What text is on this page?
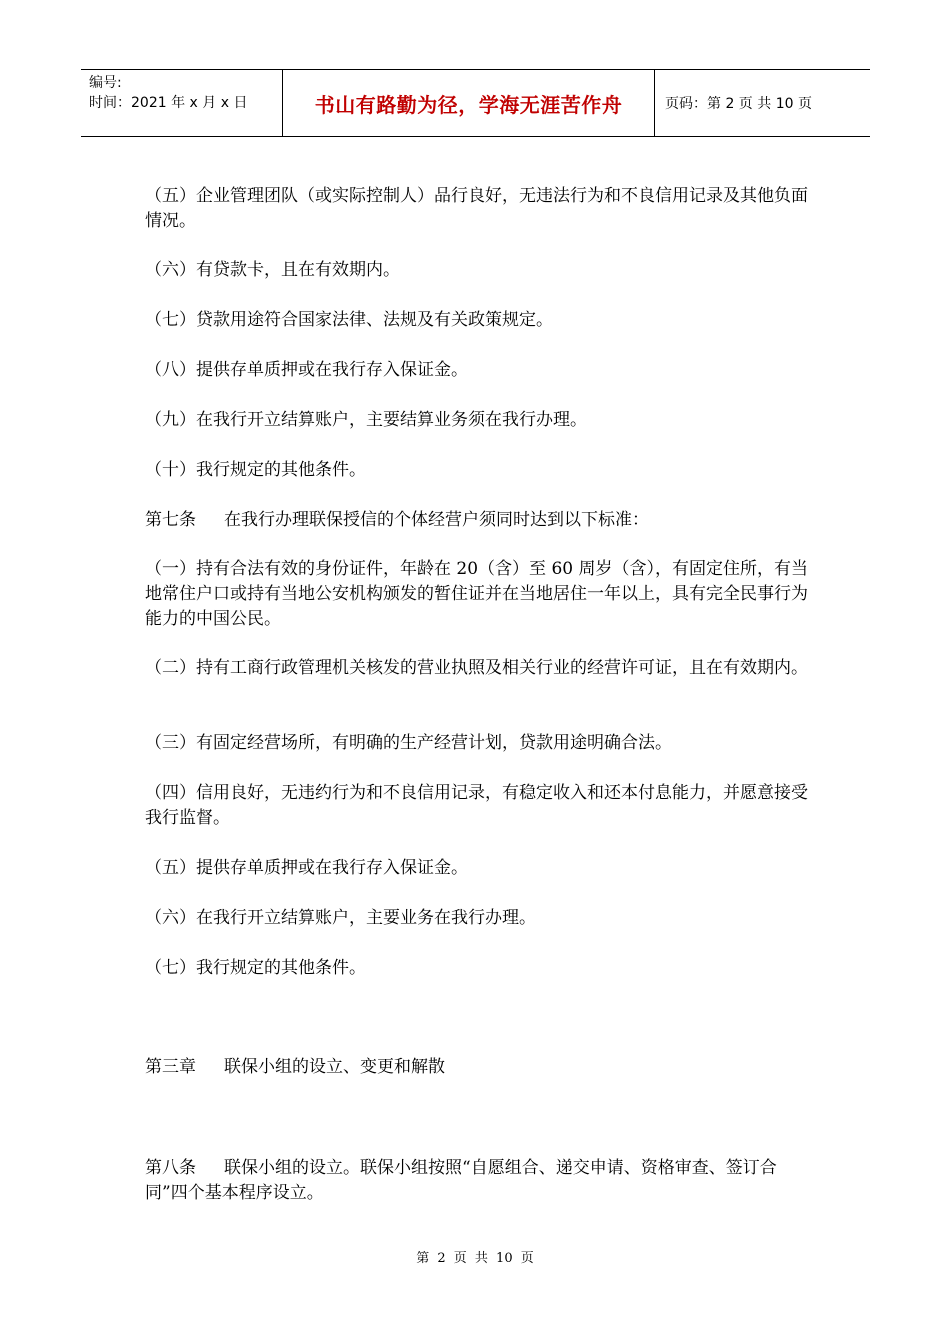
编号:
时间：2021 年 x 月 x 日	书山有路勤为径，学海无涯苦作舟	页码：第 2 页 共 10 页

（五）企业管理团队（或实际控制人）品行良好，无违法行为和不良信用记录及其他负面情况。

（六）有贷款卡，且在有效期内。

（七）贷款用途符合国家法律、法规及有关政策规定。

（八）提供存单质押或在我行存入保证金。

（九）在我行开立结算账户，主要结算业务须在我行办理。

（十）我行规定的其他条件。

第七条 在我行办理联保授信的个体经营户须同时达到以下标准：

（一）持有合法有效的身份证件，年龄在 20（含）至 60 周岁（含），有固定住所，有当地常住户口或持有当地公安机构颁发的暂住证并在当地居住一年以上，具有完全民事行为能力的中国公民。

（二）持有工商行政管理机关核发的营业执照及相关行业的经营许可证，且在有效期内。

（三）有固定经营场所，有明确的生产经营计划，贷款用途明确合法。

（四）信用良好，无违约行为和不良信用记录，有稳定收入和还本付息能力，并愿意接受我行监督。

（五）提供存单质押或在我行存入保证金。

（六）在我行开立结算账户，主要业务在我行办理。

（七）我行规定的其他条件。

第三章 联保小组的设立、变更和解散

第八条 联保小组的设立。联保小组按照“自愿组合、递交申请、资格审查、签订合同”四个基本程序设立。

第 2 页 共 10 页
